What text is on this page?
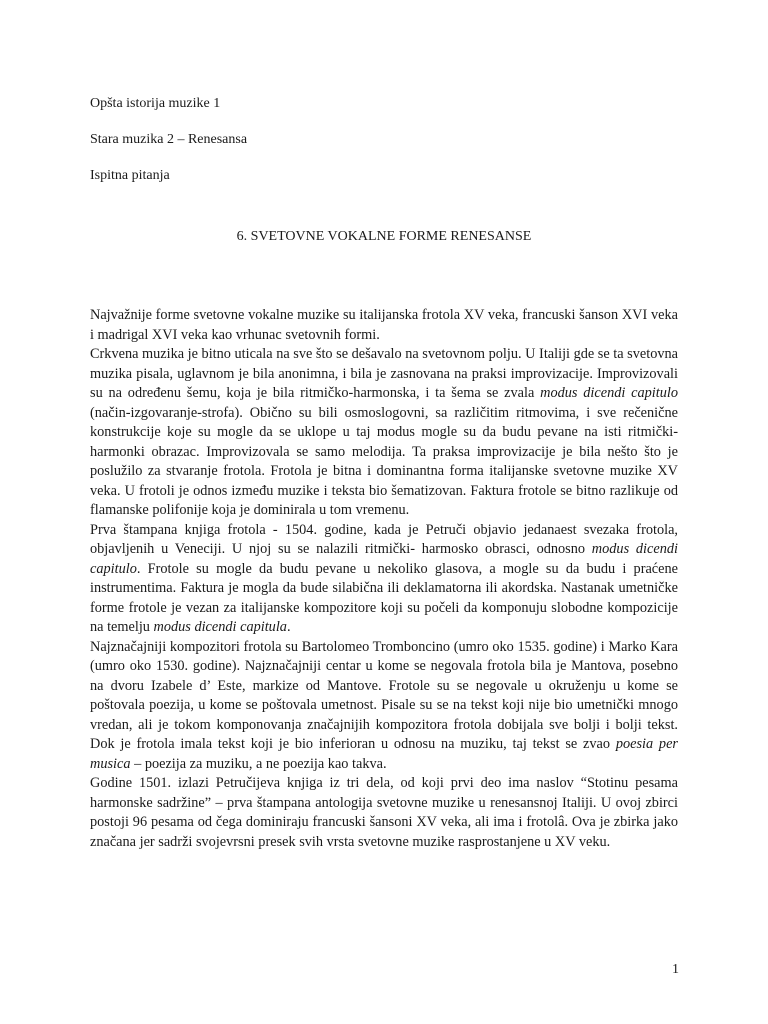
Opšta istorija muzike 1
Stara muzika 2 – Renesansa
Ispitna pitanja
6. SVETOVNE VOKALNE FORME RENESANSE

Najvažnije forme svetovne vokalne muzike su italijanska frotola XV veka, francuski šanson XVI veka i madrigal XVI veka kao vrhunac svetovnih formi.

Crkvena muzika je bitno uticala na sve što se dešavalo na svetovnom polju. U Italiji gde se ta svetovna muzika pisala, uglavnom je bila anonimna, i bila je zasnovana na praksi improvizacije. Improvizovali su na određenu šemu, koja je bila ritmičko-harmonska, i ta šema se zvala modus dicendi capitulo (način-izgovaranje-strofa). Obično su bili osmoslogovni, sa različitim ritmovima, i sve rečenične konstrukcije koje su mogle da se uklope u taj modus mogle su da budu pevane na isti ritmički- harmonki obrazac. Improvizovala se samo melodija. Ta praksa improvizacije je bila nešto što je poslužilo za stvaranje frotola. Frotola je bitna i dominantna forma italijanske svetovne muzike XV veka. U frotoli je odnos između muzike i teksta bio šematizovan. Faktura frotole se bitno razlikuje od flamanske polifonije koja je dominirala u tom vremenu.

Prva štampana knjiga frotola - 1504. godine, kada je Petruči objavio jedanaest svezaka frotola, objavljenih u Veneciji. U njoj su se nalazili ritmički- harmosko obrasci, odnosno modus dicendi capitulo. Frotole su mogle da budu pevane u nekoliko glasova, a mogle su da budu i praćene instrumentima. Faktura je mogla da bude silabična ili deklamatorna ili akordska. Nastanak umetničke forme frotole je vezan za italijanske kompozitore koji su počeli da komponuju slobodne kompozicije na temelju modus dicendi capitula.

Najznačajniji kompozitori frotola su Bartolomeo Tromboncino (umro oko 1535. godine) i Marko Kara (umro oko 1530. godine). Najznačajniji centar u kome se negovala frotola bila je Mantova, posebno na dvoru Izabele d’ Este, markize od Mantove. Frotole su se negovale u okruženju u kome se poštovala poezija, u kome se poštovala umetnost. Pisale su se na tekst koji nije bio umetnički mnogo vredan, ali je tokom komponovanja značajnijih kompozitora frotola dobijala sve bolji i bolji tekst. Dok je frotola imala tekst koji je bio inferioran u odnosu na muziku, taj tekst se zvao poesia per musica – poezija za muziku, a ne poezija kao takva.

Godine 1501. izlazi Petručijeva knjiga iz tri dela, od koji prvi deo ima naslov “Stotinu pesama harmonske sadržine” – prva štampana antologija svetovne muzike u renesansnoj Italiji. U ovoj zbirci postoji 96 pesama od čega dominiraju francuski šansoni XV veka, ali ima i frotolâ. Ova je zbirka jako značana jer sadrži svojevrsni presek svih vrsta svetovne muzike rasprostanjene u XV veku.

1
